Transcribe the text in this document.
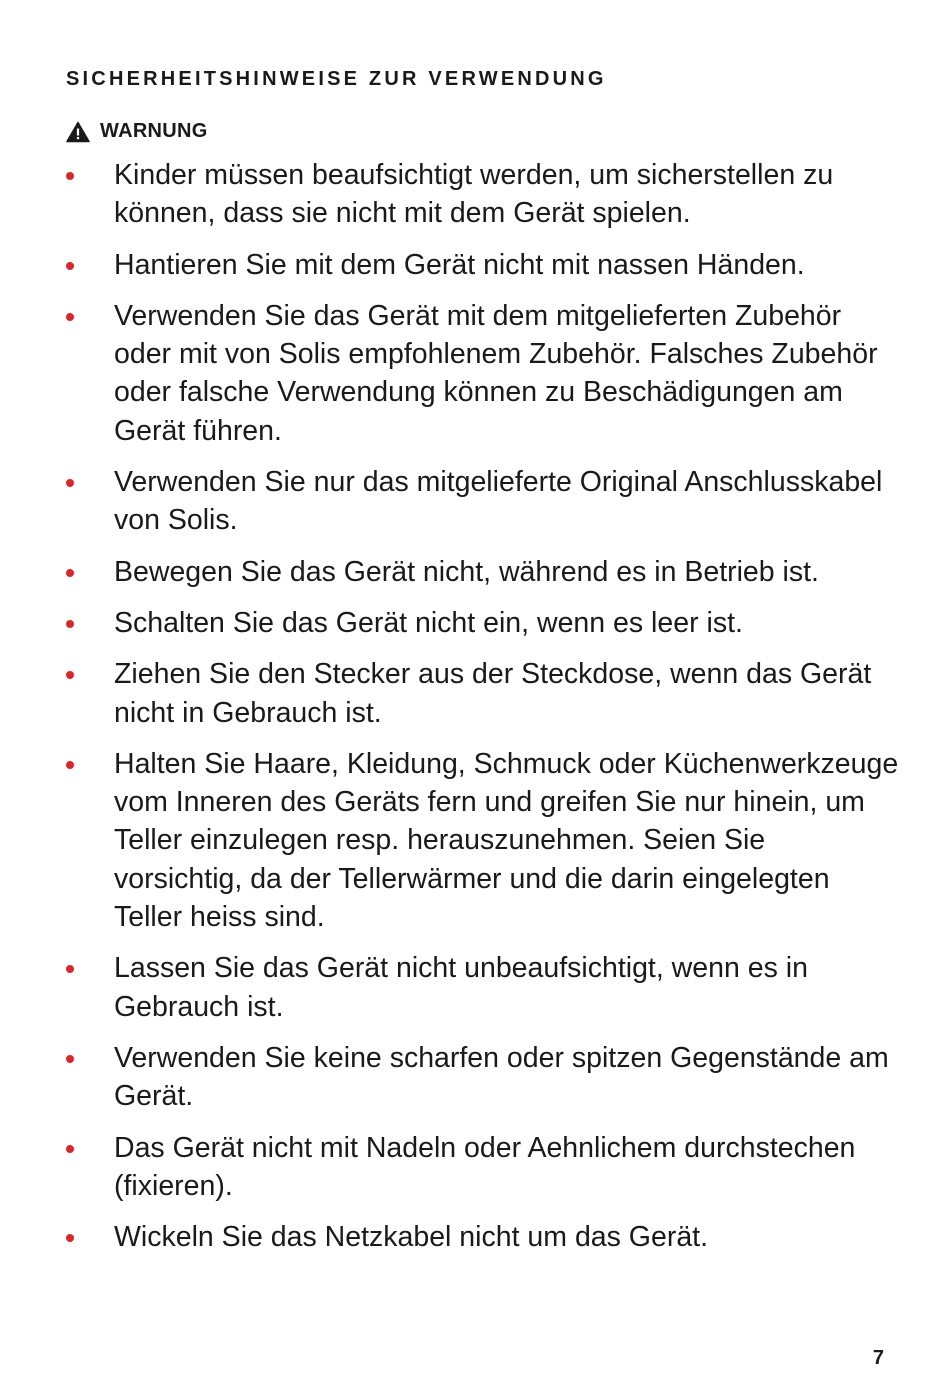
SICHERHEITSHINWEISE ZUR VERWENDUNG
WARNUNG
Kinder müssen beaufsichtigt werden, um sicherstellen zu können, dass sie nicht mit dem Gerät spielen.
Hantieren Sie mit dem Gerät nicht mit nassen Händen.
Verwenden Sie das Gerät mit dem mitgelieferten Zubehör oder mit von Solis empfohlenem Zubehör. Falsches Zubehör oder falsche Verwendung können zu Beschädigungen am Gerät führen.
Verwenden Sie nur das mitgelieferte Original Anschlusskabel von Solis.
Bewegen Sie das Gerät nicht, während es in Betrieb ist.
Schalten Sie das Gerät nicht ein, wenn es leer ist.
Ziehen Sie den Stecker aus der Steckdose, wenn das Gerät nicht in Gebrauch ist.
Halten Sie Haare, Kleidung, Schmuck oder Küchenwerkzeuge vom Inneren des Geräts fern und greifen Sie nur hinein, um Teller einzulegen resp. herauszunehmen. Seien Sie vorsichtig, da der Tellerwärmer und die darin eingelegten Teller heiss sind.
Lassen Sie das Gerät nicht unbeaufsichtigt, wenn es in Gebrauch ist.
Verwenden Sie keine scharfen oder spitzen Gegenstände am Gerät.
Das Gerät nicht mit Nadeln oder Aehnlichem durchstechen (fixieren).
Wickeln Sie das Netzkabel nicht um das Gerät.
7
